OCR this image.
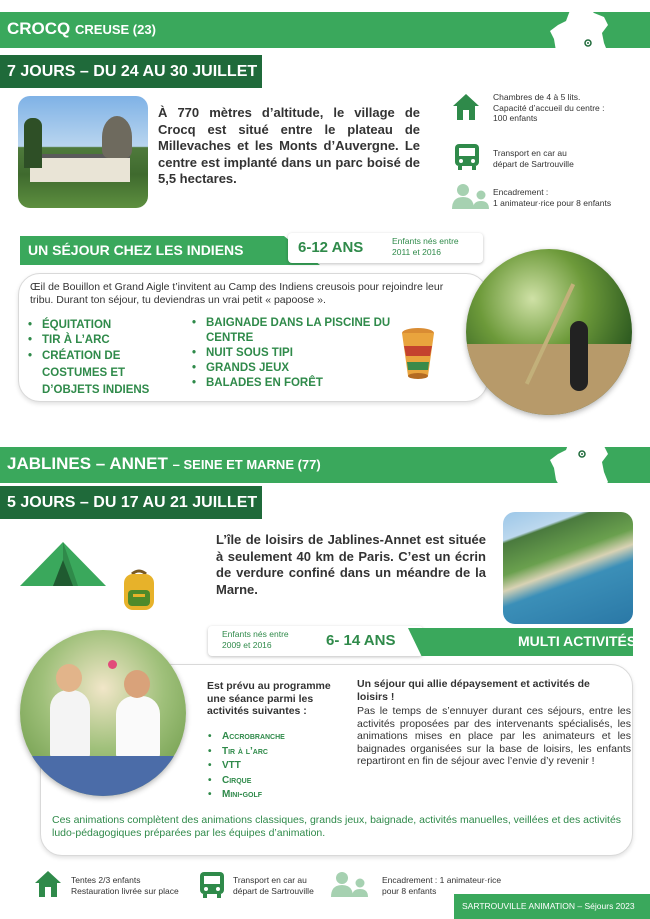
CROCQ CREUSE (23)
7 JOURS – DU 24 AU 30 JUILLET
À 770 mètres d’altitude, le village de Crocq est situé entre le plateau de Millevaches et les Monts d’Auvergne. Le centre est implanté dans un parc boisé de 5,5 hectares.
Chambres de 4 à 5 lits.
Capacité d’accueil du centre :
100 enfants
Transport en car au
départ de Sartrouville
Encadrement :
1 animateur·rice pour 8 enfants
UN SÉJOUR CHEZ LES INDIENS	6-12 ANS	Enfants nés entre
2011 et 2016
Œil de Bouillon et Grand Aigle t’invitent au Camp des Indiens creusois pour rejoindre leur tribu. Durant ton séjour, tu deviendras un vrai petit « papoose ».
• ÉQUITATION
• TIR À L’ARC
• CRÉATION DE COSTUMES ET D’OBJETS INDIENS
• BAIGNADE DANS LA PISCINE DU CENTRE
• NUIT SOUS TIPI
• GRANDS JEUX
• BALADES EN FORÊT
JABLINES – ANNET – SEINE ET MARNE (77)
5 JOURS – DU 17 AU 21 JUILLET
L’île de loisirs de Jablines-Annet est située à seulement 40 km de Paris. C’est un écrin de verdure confiné dans un méandre de la Marne.
Enfants nés entre
2009 et 2016	6- 14 ANS	MULTI ACTIVITÉS
Est prévu au programme une séance parmi les activités suivantes :
• Accrobranche
• Tir à l’arc
• VTT
• Cirque
• Mini-golf
Un séjour qui allie dépaysement et activités de loisirs !
Pas le temps de s’ennuyer durant ces séjours, entre les activités proposées par des intervenants spécialisés, les animations mises en place par les animateurs et les baignades organisées sur la base de loisirs, les enfants repartiront en fin de séjour avec l’envie d’y revenir !
Ces animations complètent des animations classiques, grands jeux, baignade, activités manuelles, veillées et des activités ludo-pédagogiques préparées par les équipes d’animation.
Tentes 2/3 enfants
Restauration livrée sur place
Transport en car au
départ de Sartrouville
Encadrement : 1 animateur·rice
pour 8 enfants
SARTROUVILLE ANIMATION – Séjours 2023
